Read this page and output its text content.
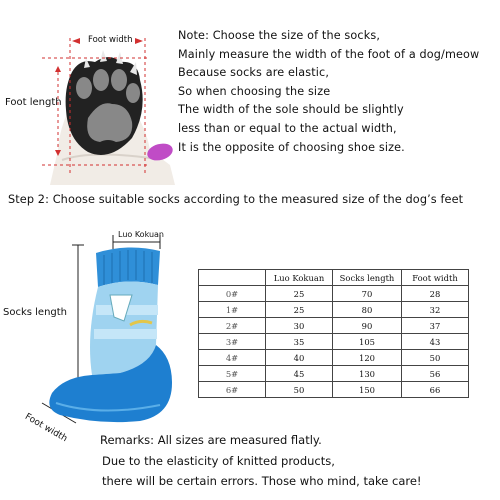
Foot width
Foot length
Note: Choose the size of the socks,
Mainly measure the width of the foot of a dog/meow
Because socks are elastic,
So when choosing the size
The width of the sole should be slightly
less than or equal to the actual width,
It is the opposite of choosing shoe size.
Step 2: Choose suitable socks according to the measured size of the dog’s feet
Luo Kokuan
Socks length
Foot width
	Luo Kokuan	Socks length	Foot width
0#	25	70	28
1#	25	80	32
2#	30	90	37
3#	35	105	43
4#	40	120	50
5#	45	130	56
6#	50	150	66
Remarks: All sizes are measured flatly.
Due to the elasticity of knitted products,
there will be certain errors. Those who mind, take care!
